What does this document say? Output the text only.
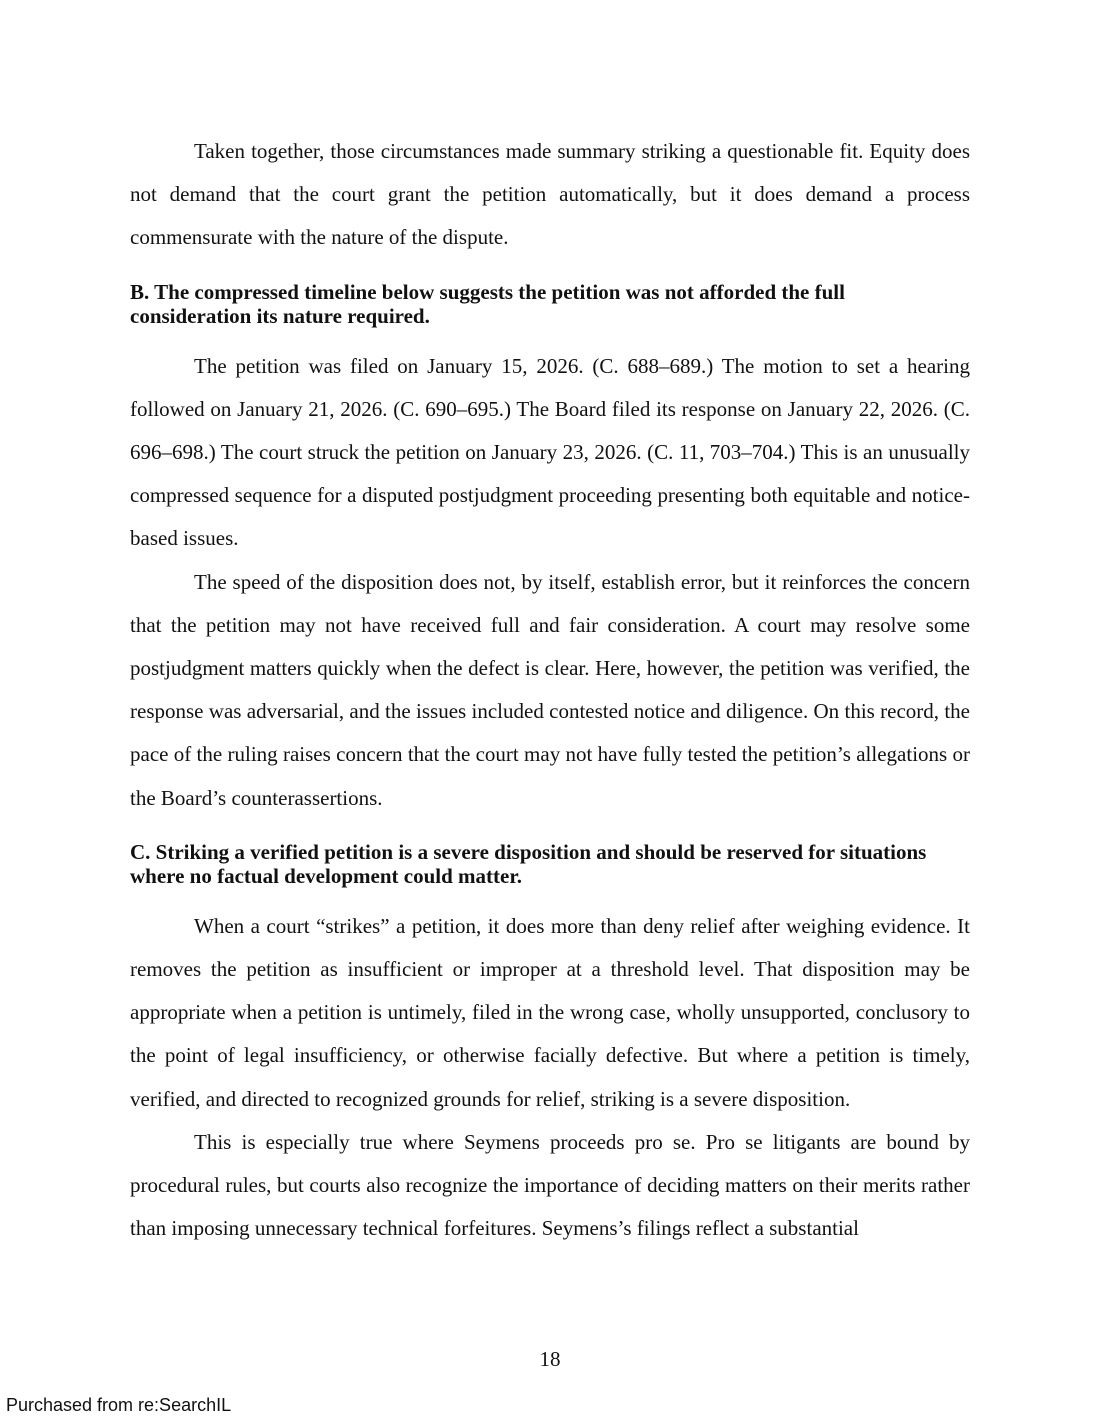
Taken together, those circumstances made summary striking a questionable fit. Equity does not demand that the court grant the petition automatically, but it does demand a process commensurate with the nature of the dispute.

B. The compressed timeline below suggests the petition was not afforded the full consideration its nature required.

The petition was filed on January 15, 2026. (C. 688–689.) The motion to set a hearing followed on January 21, 2026. (C. 690–695.) The Board filed its response on January 22, 2026. (C. 696–698.) The court struck the petition on January 23, 2026. (C. 11, 703–704.) This is an unusually compressed sequence for a disputed postjudgment proceeding presenting both equitable and notice-based issues.

The speed of the disposition does not, by itself, establish error, but it reinforces the concern that the petition may not have received full and fair consideration. A court may resolve some postjudgment matters quickly when the defect is clear. Here, however, the petition was verified, the response was adversarial, and the issues included contested notice and diligence. On this record, the pace of the ruling raises concern that the court may not have fully tested the petition’s allegations or the Board’s counterassertions.

C. Striking a verified petition is a severe disposition and should be reserved for situations where no factual development could matter.

When a court “strikes” a petition, it does more than deny relief after weighing evidence. It removes the petition as insufficient or improper at a threshold level. That disposition may be appropriate when a petition is untimely, filed in the wrong case, wholly unsupported, conclusory to the point of legal insufficiency, or otherwise facially defective. But where a petition is timely, verified, and directed to recognized grounds for relief, striking is a severe disposition.

This is especially true where Seymens proceeds pro se. Pro se litigants are bound by procedural rules, but courts also recognize the importance of deciding matters on their merits rather than imposing unnecessary technical forfeitures. Seymens’s filings reflect a substantial

18
Purchased from re:SearchIL
